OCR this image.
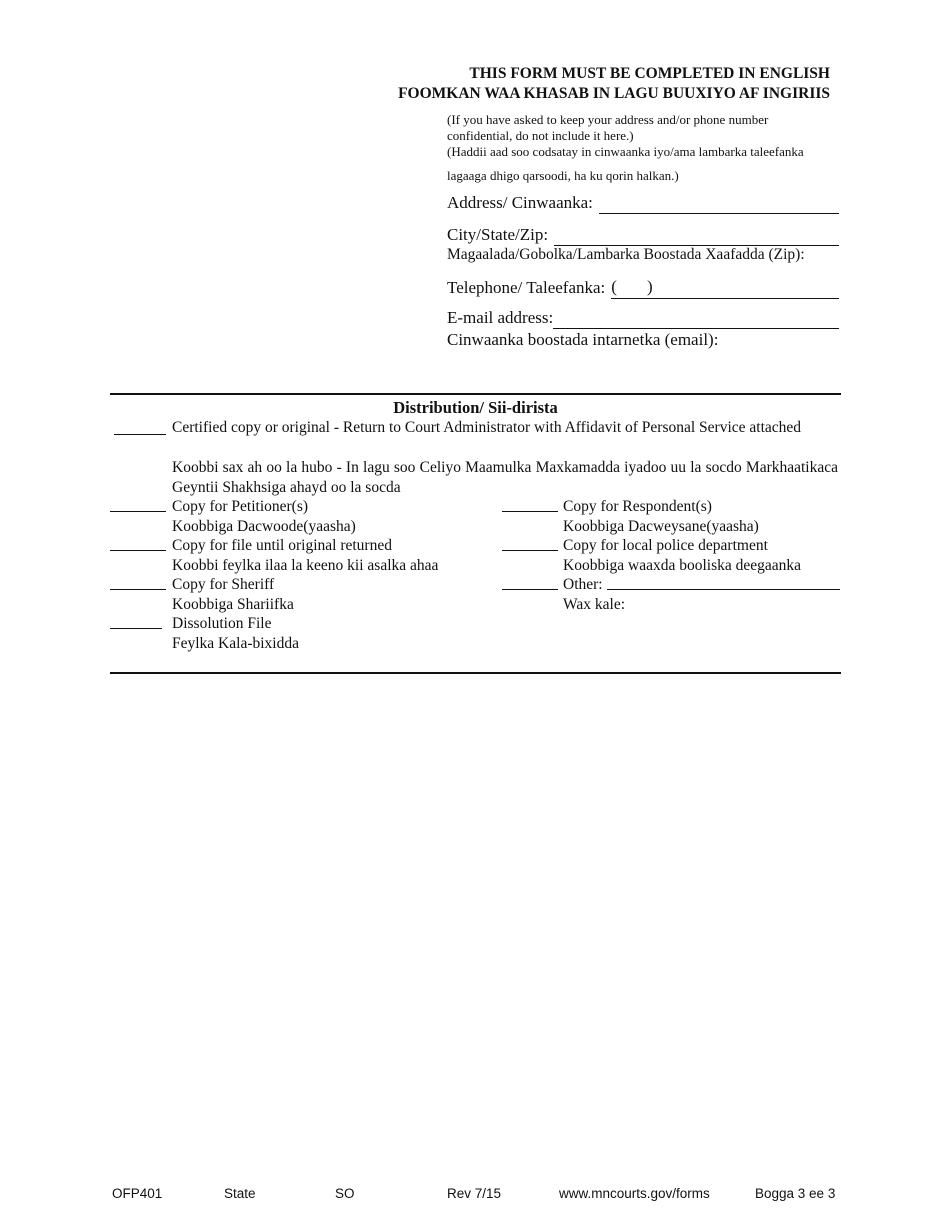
THIS FORM MUST BE COMPLETED IN ENGLISH
FOOMKAN WAA KHASAB IN LAGU BUUXIYO AF INGIRIIS
(If you have asked to keep your address and/or phone number
confidential, do not include it here.)
(Haddii aad soo codsatay in cinwaanka iyo/ama lambarka taleefanka
lagaaga dhigo qarsoodi, ha ku qorin halkan.)
Address/ Cinwaanka:
City/State/Zip:
Magaalada/Gobolka/Lambarka Boostada Xaafadda (Zip):
Telephone/ Taleefanka: ( )
E-mail address:
Cinwaanka boostada intarnetka (email):
Distribution/ Sii-dirista
Certified copy or original - Return to Court Administrator with Affidavit of Personal Service attached
Koobbi sax ah oo la hubo - In lagu soo Celiyo Maamulka Maxkamadda iyadoo uu la socdo Markhaatikaca Geyntii Shakhsiga ahayd oo la socda
Copy for Petitioner(s)
Koobbiga Dacwoode(yaasha)
Copy for file until original returned
Koobbi feylka ilaa la keeno kii asalka ahaa
Copy for Sheriff
Koobbiga Shariifka
Dissolution File
Feylka Kala-bixidda
Copy for Respondent(s)
Koobbiga Dacweysane(yaasha)
Copy for local police department
Koobbiga waaxda booliska deegaanka
Other:
Wax kale:
OFP401	State	SO	Rev 7/15	www.mncourts.gov/forms	Bogga 3 ee 3
